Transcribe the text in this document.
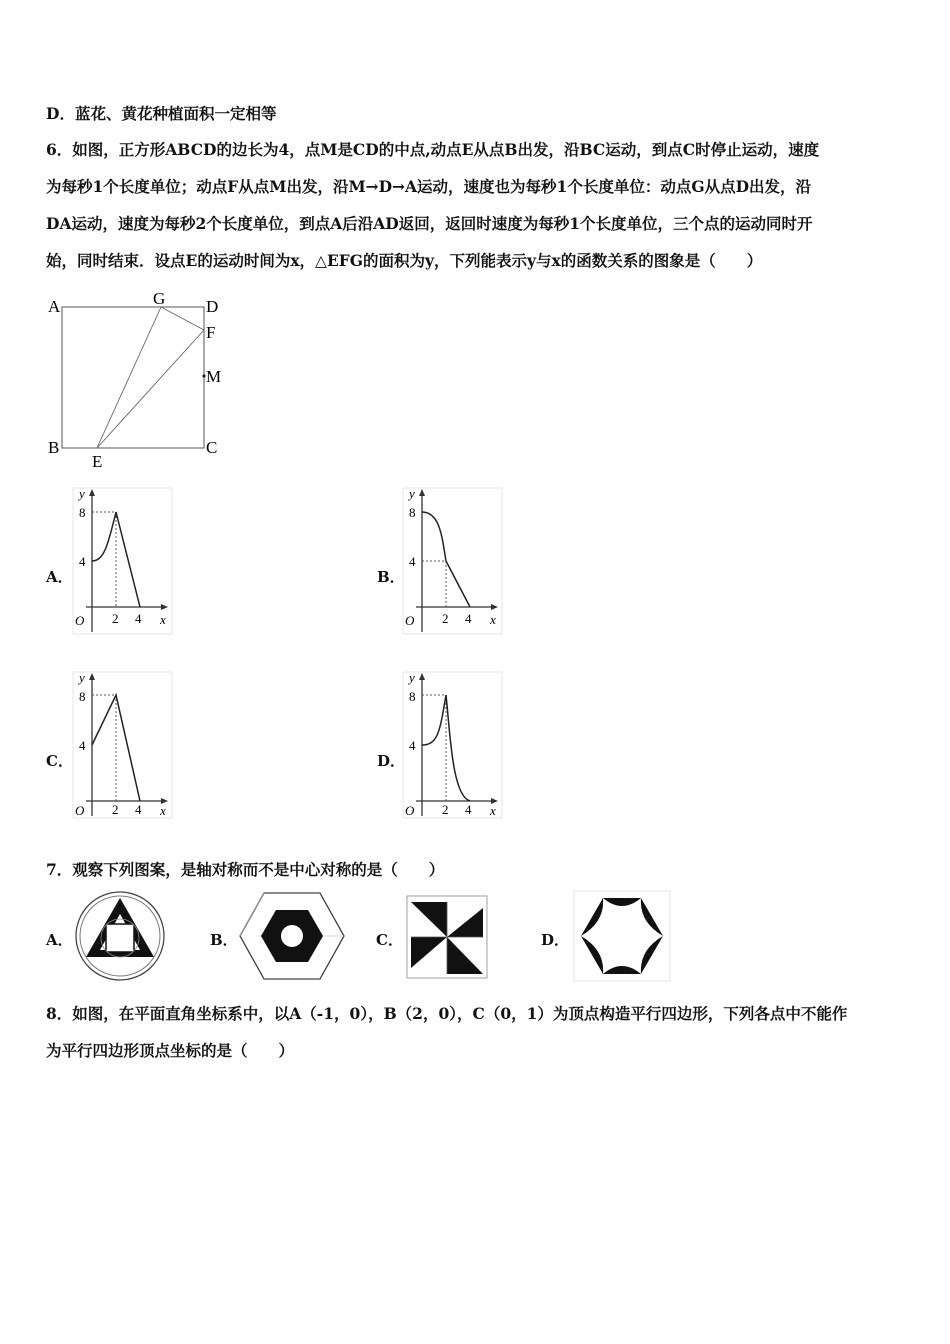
D．蓝花、黄花种植面积一定相等
6．如图，正方形ABCD的边长为4，点M是CD的中点,动点E从点B出发，沿BC运动，到点C时停止运动，速度
为每秒1个长度单位；动点F从点M出发，沿M→D→A运动，速度也为每秒1个长度单位：动点G从点D出发，沿
DA运动，速度为每秒2个长度单位，到点A后沿AD返回，返回时速度为每秒1个长度单位，三个点的运动同时开
始，同时结束．设点E的运动时间为x，△EFG的面积为y，下列能表示y与x的函数关系的图象是（　　）
A	G D
F
M
B	C
E
A．	B．
C．	D．
y
x
O
8
4
2 4
y
x
O
8
4
2 4
y
x
O
8
4
2 4
y
x
O
8
4
2 4
7．观察下列图案，是轴对称而不是中心对称的是（　　）
A．	B．	C．	D．
8．如图，在平面直角坐标系中，以A（-1，0），B（2，0），C（0，1）为顶点构造平行四边形，下列各点中不能作
为平行四边形顶点坐标的是（　　）
